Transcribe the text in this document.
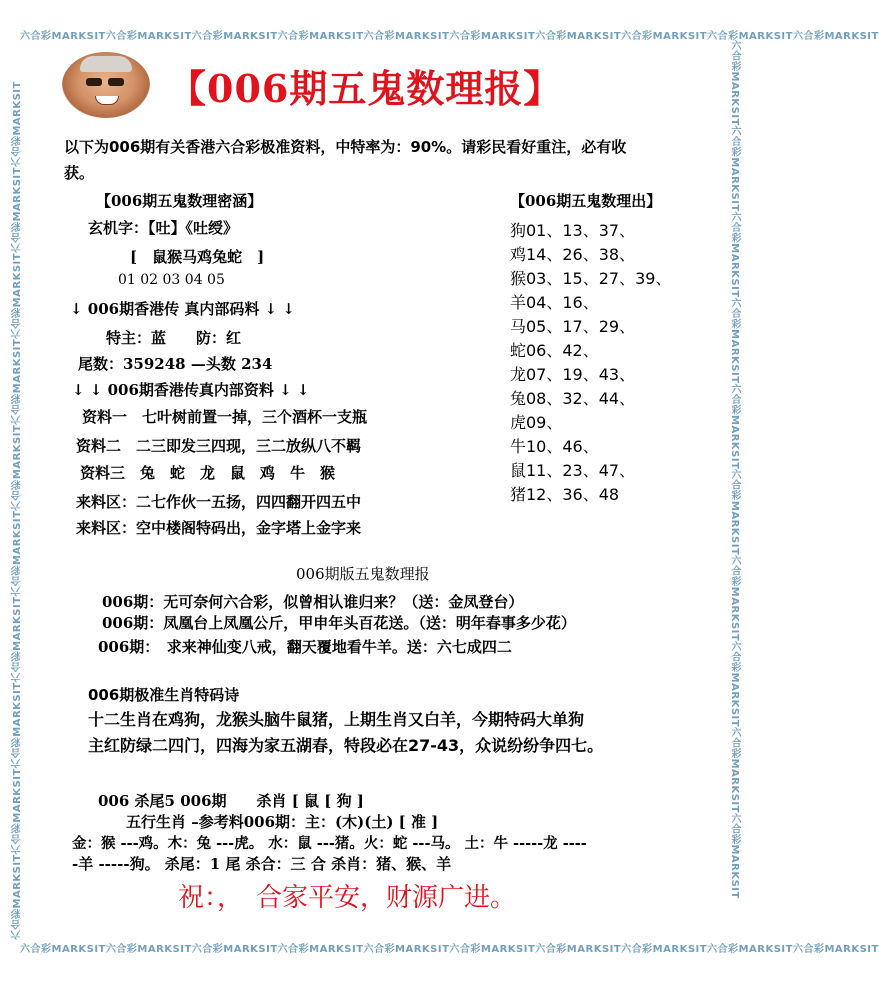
六合彩MARKSIT六合彩MARKSIT六合彩MARKSIT六合彩MARKSIT六合彩MARKSIT六合彩MARKSIT六合彩MARKSIT六合彩MARKSIT六合彩MARKSIT六合彩MARKSIT
六合彩MARKSIT六合彩MARKSIT六合彩MARKSIT六合彩MARKSIT六合彩MARKSIT六合彩MARKSIT六合彩MARKSIT六合彩MARKSIT六合彩MARKSIT六合彩MARKSIT
六合彩MARKSIT六合彩MARKSIT六合彩MARKSIT六合彩MARKSIT六合彩MARKSIT六合彩MARKSIT六合彩MARKSIT六合彩MARKSIT六合彩MARKSIT六合彩MARKSIT	六合彩MARKSIT六合彩MARKSIT六合彩MARKSIT六合彩MARKSIT六合彩MARKSIT六合彩MARKSIT六合彩MARKSIT六合彩MARKSIT六合彩MARKSIT六合彩MARKSIT
【006期五鬼数理报】
以下为006期有关香港六合彩极准资料，中特率为：90%。请彩民看好重注，必有收
获。
【006期五鬼数理密涵】
玄机字：【吐】《吐绶》
[　鼠猴马鸡兔蛇　]
01 02 03 04 05
↓ 006期香港传 真内部码料 ↓ ↓
特主：蓝　　防：红
尾数：359248 —头数 234
↓ ↓ 006期香港传真内部资料 ↓ ↓
资料一　七叶树前置一掉，三个酒杯一支瓶
资料二　二三即发三四现，三二放纵八不羁
资料三　兔　蛇　龙　鼠　鸡　牛　猴
来料区：二七作伙一五扬，四四翻开四五中
来料区：空中楼阁特码出，金字塔上金字来
【006期五鬼数理出】
狗01、13、37、
鸡14、26、38、
猴03、15、27、39、
羊04、16、
马05、17、29、
蛇06、42、
龙07、19、43、
兔08、32、44、
虎09、
牛10、46、
鼠11、23、47、
猪12、36、48
006期版五鬼数理报
006期：无可奈何六合彩，似曾相认谁归来？（送：金凤登台）
006期：凤凰台上凤凰公斤，甲申年头百花送。（送：明年春事多少花）
006期：　求来神仙变八戒，翻天覆地看牛羊。送：六七成四二
006期极准生肖特码诗
十二生肖在鸡狗，龙猴头脑牛鼠猪，上期生肖又白羊，今期特码大单狗
主红防绿二四门，四海为家五湖春，特段必在27-43，众说纷纷争四七。
006 杀尾5 006期　　杀肖 [ 鼠 [ 狗 ]
五行生肖 –参考料006期：主：(木)(土) [ 准 ]
金：猴 ---鸡。木：兔 ---虎。 水：鼠 ---猪。火：蛇 ---马。 土：牛 -----龙 ----
-羊 -----狗。 杀尾：1 尾 杀合：三 合 杀肖：猪、猴、羊
祝：，　合家平安，财源广进。
